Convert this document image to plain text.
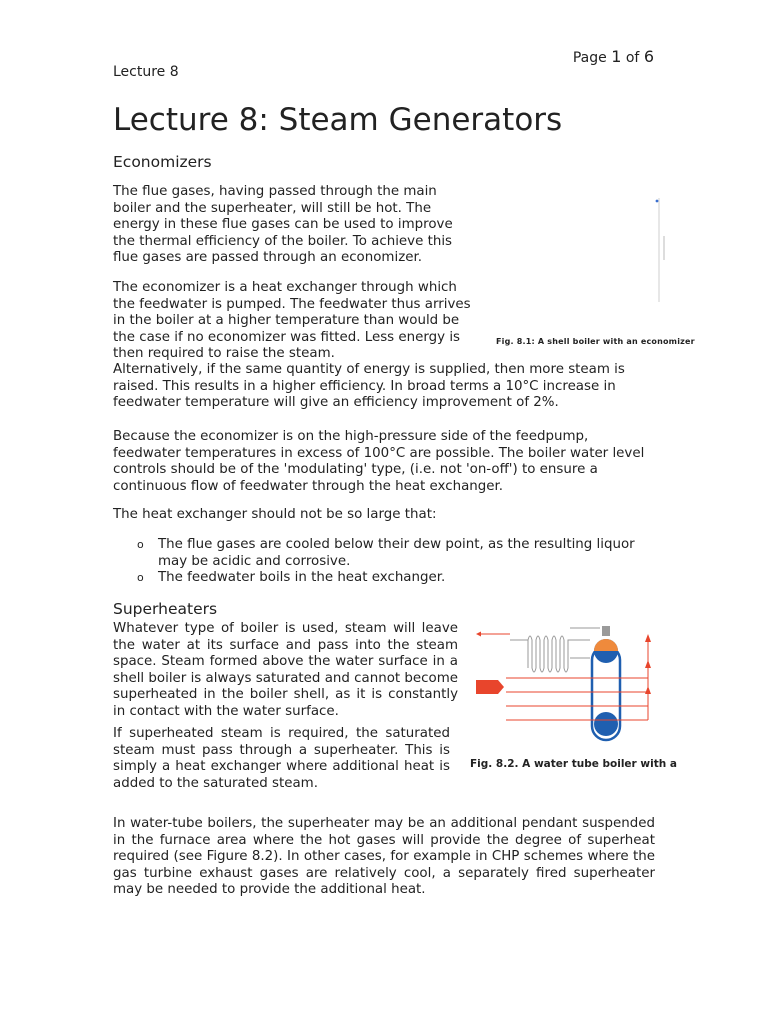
Page 1 of 6
Lecture 8
Lecture 8: Steam Generators
Economizers

The flue gases, having passed through the main boiler and the superheater, will still be hot. The energy in these flue gases can be used to improve the thermal efficiency of the boiler. To achieve this flue gases are passed through an economizer.

The economizer is a heat exchanger through which the feedwater is pumped. The feedwater thus arrives in the boiler at a higher temperature than would be the case if no economizer was fitted. Less energy is then required to raise the steam.

Alternatively, if the same quantity of energy is supplied, then more steam is raised. This results in a higher efficiency. In broad terms a 10°C increase in feedwater temperature will give an efficiency improvement of 2%.

Fig. 8.1: A shell boiler with an economizer

Because the economizer is on the high-pressure side of the feedpump, feedwater temperatures in excess of 100°C are possible. The boiler water level controls should be of the 'modulating' type, (i.e. not 'on-off') to ensure a continuous flow of feedwater through the heat exchanger.

The heat exchanger should not be so large that:

o The flue gases are cooled below their dew point, as the resulting liquor may be acidic and corrosive.
o The feedwater boils in the heat exchanger.
Superheaters

Whatever type of boiler is used, steam will leave the water at its surface and pass into the steam space. Steam formed above the water surface in a shell boiler is always saturated and cannot become superheated in the boiler shell, as it is constantly in contact with the water surface.

If superheated steam is required, the saturated steam must pass through a superheater. This is simply a heat exchanger where additional heat is added to the saturated steam.

Fig. 8.2. A water tube boiler with a

In water-tube boilers, the superheater may be an additional pendant suspended in the furnace area where the hot gases will provide the degree of superheat required (see Figure 8.2). In other cases, for example in CHP schemes where the gas turbine exhaust gases are relatively cool, a separately fired superheater may be needed to provide the additional heat.
